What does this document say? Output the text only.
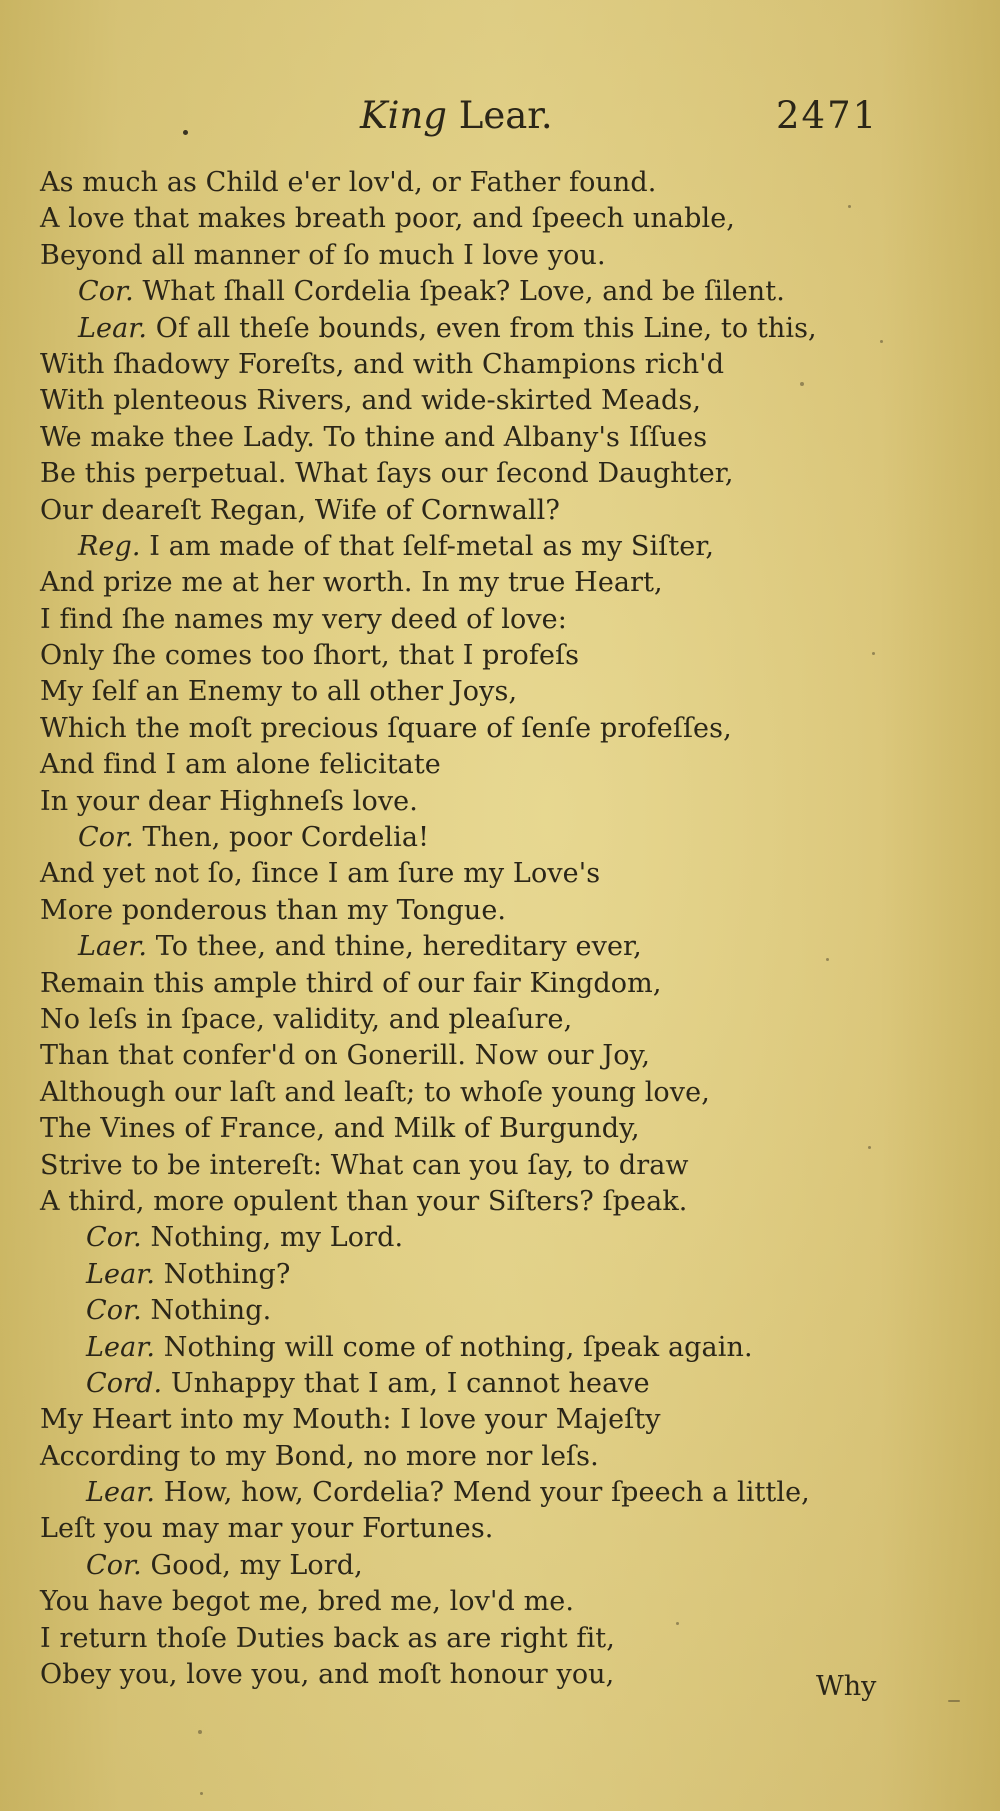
King Lear.	2471
As much as Child e'er lov'd, or Father found.
A love that makes breath poor, and ſpeech unable,
Beyond all manner of ſo much I love you.
Cor. What ſhall Cordelia ſpeak? Love, and be ſilent.
Lear. Of all theſe bounds, even from this Line, to this,
With ſhadowy Foreſts, and with Champions rich'd
With plenteous Rivers, and wide-skirted Meads,
We make thee Lady. To thine and Albany's Iſſues
Be this perpetual. What ſays our ſecond Daughter,
Our deareſt Regan, Wife of Cornwall?
Reg. I am made of that ſelf-metal as my Siſter,
And prize me at her worth. In my true Heart,
I find ſhe names my very deed of love:
Only ſhe comes too ſhort, that I profeſs
My ſelf an Enemy to all other Joys,
Which the moſt precious ſquare of ſenſe profeſſes,
And find I am alone felicitate
In your dear Highneſs love.
Cor. Then, poor Cordelia!
And yet not ſo, ſince I am ſure my Love's
More ponderous than my Tongue.
Laer. To thee, and thine, hereditary ever,
Remain this ample third of our fair Kingdom,
No leſs in ſpace, validity, and pleaſure,
Than that confer'd on Gonerill. Now our Joy,
Although our laſt and leaſt; to whoſe young love,
The Vines of France, and Milk of Burgundy,
Strive to be intereſt: What can you ſay, to draw
A third, more opulent than your Siſters? ſpeak.
Cor. Nothing, my Lord.
Lear. Nothing?
Cor. Nothing.
Lear. Nothing will come of nothing, ſpeak again.
Cord. Unhappy that I am, I cannot heave
My Heart into my Mouth: I love your Majeſty
According to my Bond, no more nor leſs.
Lear. How, how, Cordelia? Mend your ſpeech a little,
Leſt you may mar your Fortunes.
Cor. Good, my Lord,
You have begot me, bred me, lov'd me.
I return thoſe Duties back as are right fit,
Obey you, love you, and moſt honour you,	Why
